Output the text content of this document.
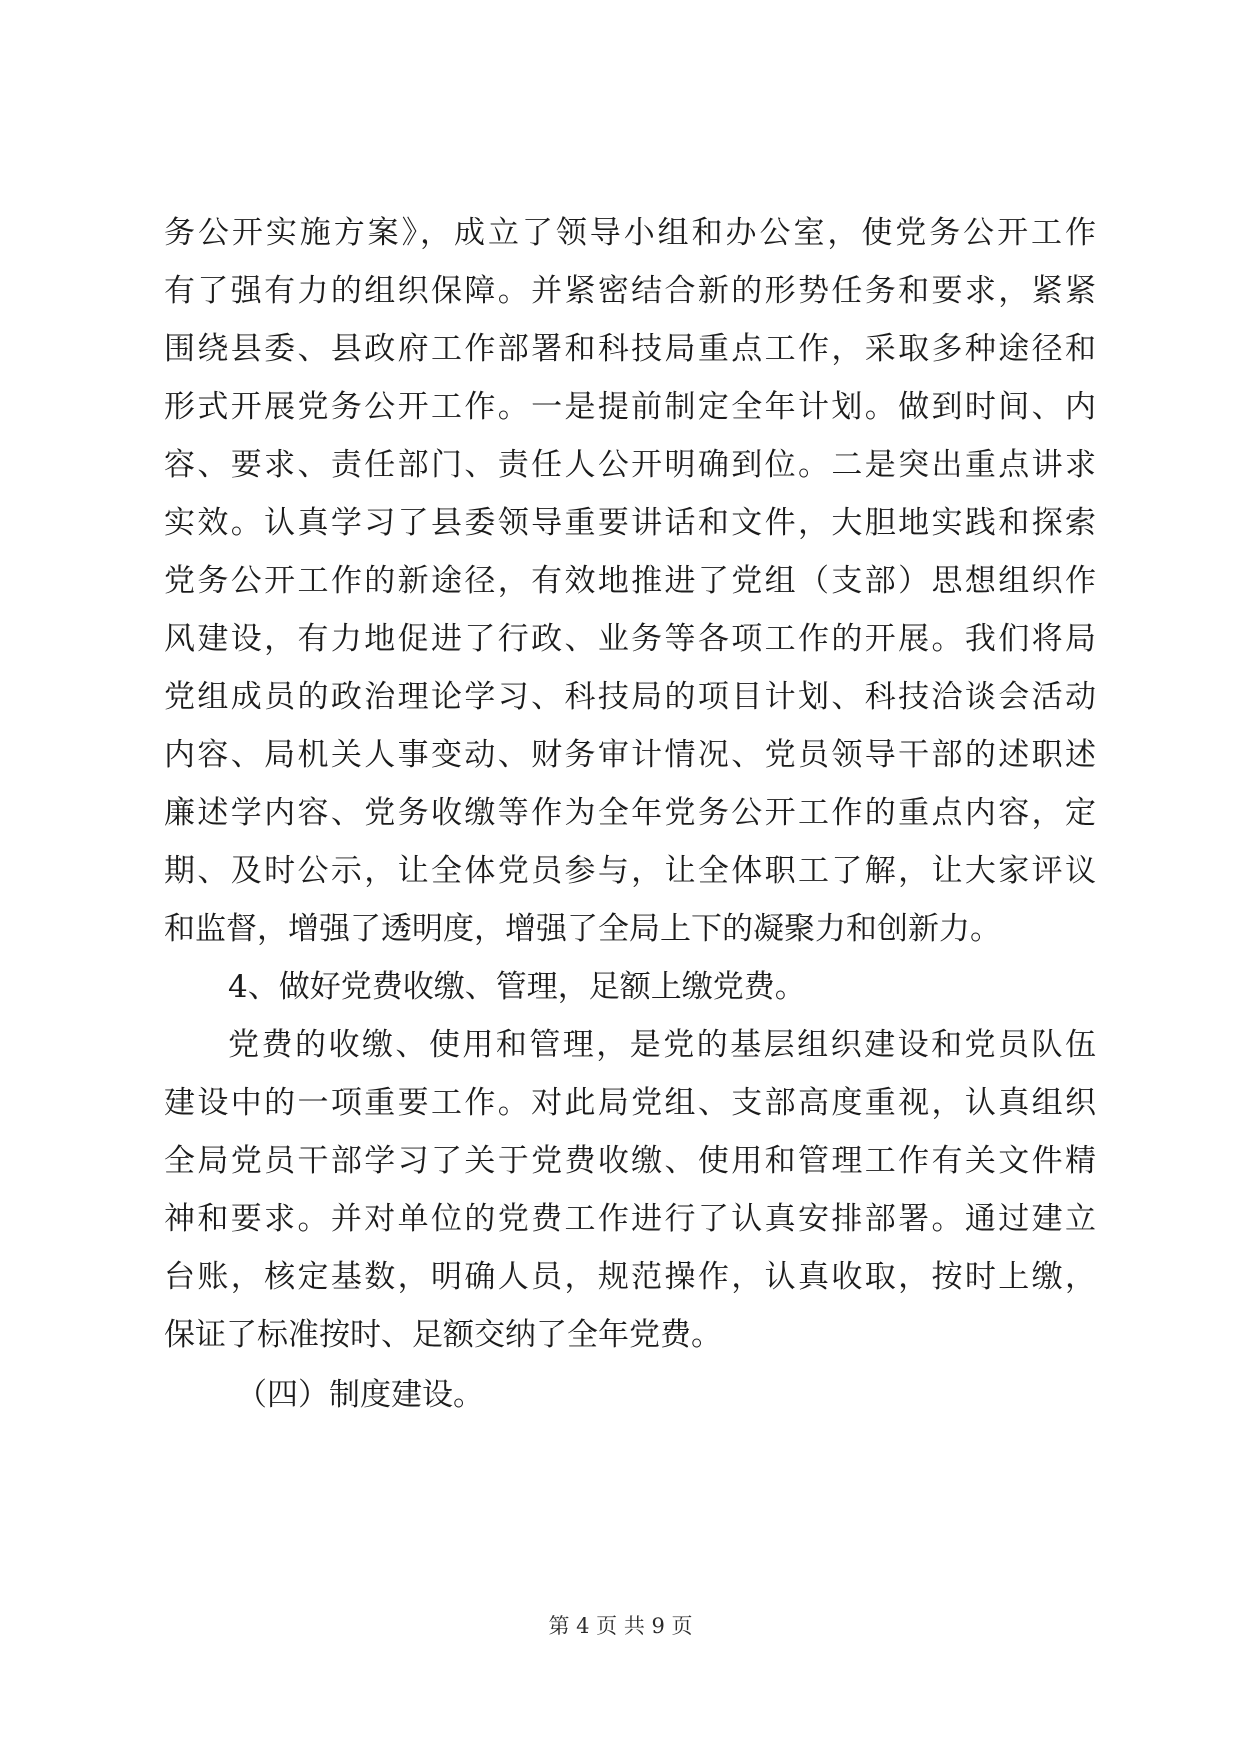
务公开实施方案》，成立了领导小组和办公室，使党务公开工作

有了强有力的组织保障。并紧密结合新的形势任务和要求，紧紧

围绕县委、县政府工作部署和科技局重点工作，采取多种途径和

形式开展党务公开工作。一是提前制定全年计划。做到时间、内

容、要求、责任部门、责任人公开明确到位。二是突出重点讲求

实效。认真学习了县委领导重要讲话和文件，大胆地实践和探索

党务公开工作的新途径，有效地推进了党组（支部）思想组织作

风建设，有力地促进了行政、业务等各项工作的开展。我们将局

党组成员的政治理论学习、科技局的项目计划、科技洽谈会活动

内容、局机关人事变动、财务审计情况、党员领导干部的述职述

廉述学内容、党务收缴等作为全年党务公开工作的重点内容，定

期、及时公示，让全体党员参与，让全体职工了解，让大家评议

和监督，增强了透明度，增强了全局上下的凝聚力和创新力。

4、做好党费收缴、管理，足额上缴党费。

党费的收缴、使用和管理，是党的基层组织建设和党员队伍

建设中的一项重要工作。对此局党组、支部高度重视，认真组织

全局党员干部学习了关于党费收缴、使用和管理工作有关文件精

神和要求。并对单位的党费工作进行了认真安排部署。通过建立

台账，核定基数，明确人员，规范操作，认真收取，按时上缴，

保证了标准按时、足额交纳了全年党费。

（四）制度建设。

第 4 页 共 9 页
